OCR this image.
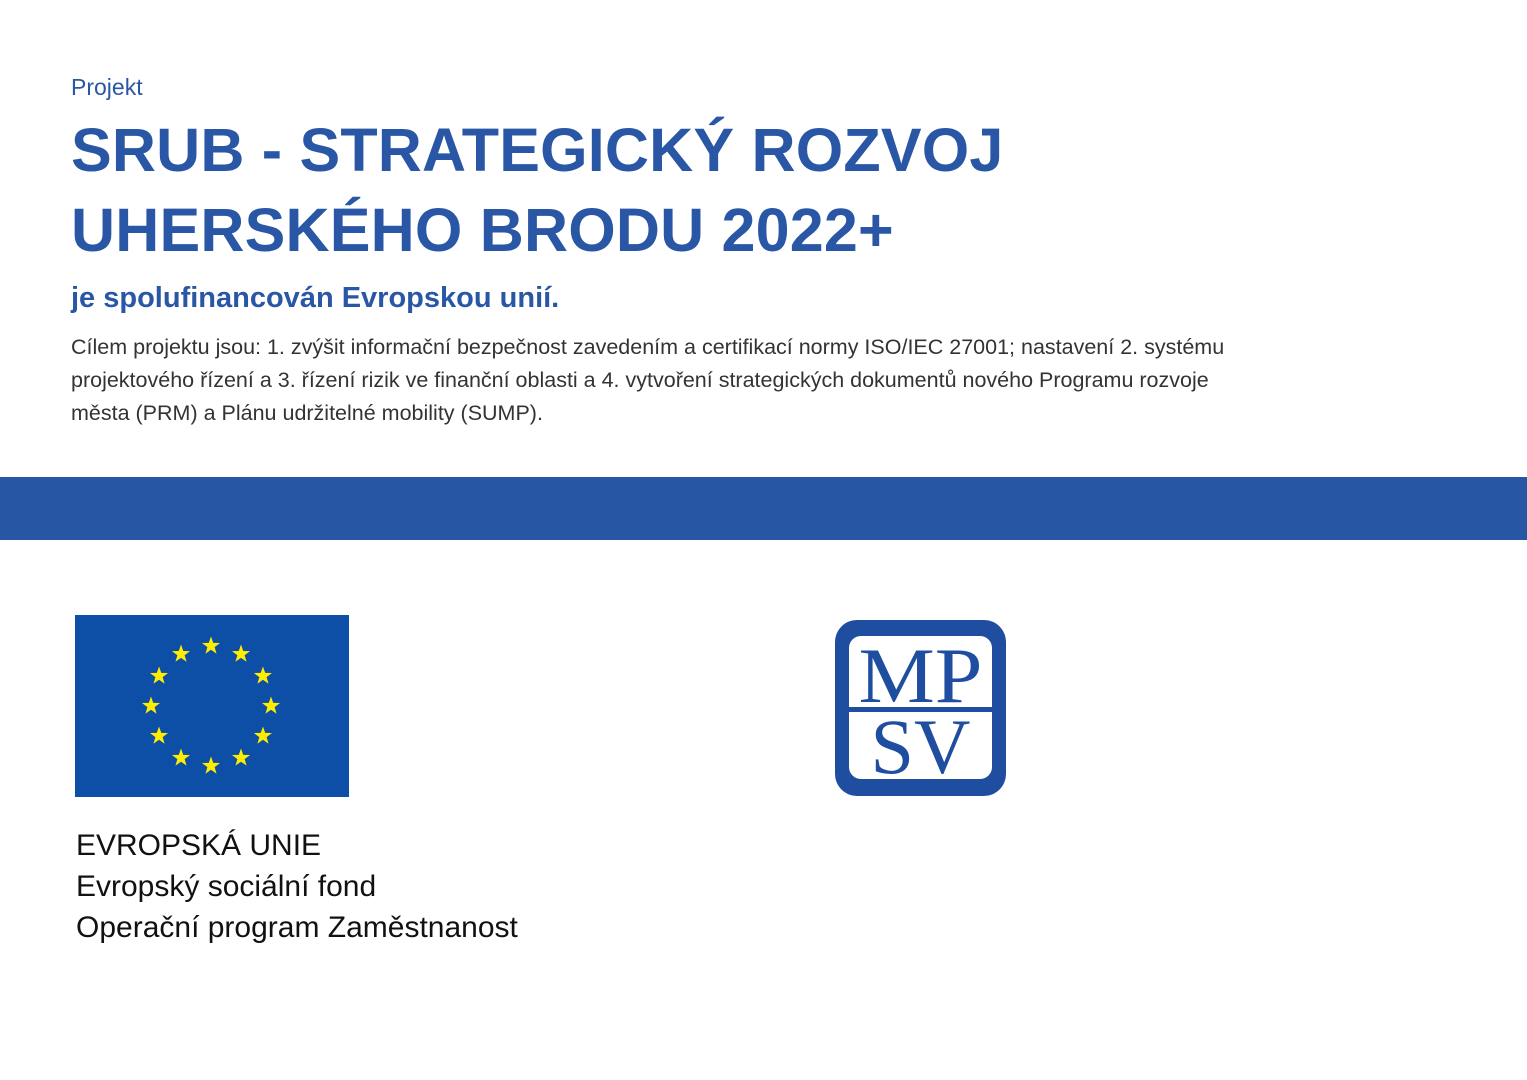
Projekt
SRUB - STRATEGICKÝ ROZVOJ
UHERSKÉHO BRODU 2022+
je spolufinancován Evropskou unií.
Cílem projektu jsou: 1. zvýšit informační bezpečnost zavedením a certifikací normy ISO/IEC 27001; nastavení 2. systému
projektového řízení a 3. řízení rizik ve finanční oblasti a 4. vytvoření strategických dokumentů nového Programu rozvoje
města (PRM) a Plánu udržitelné mobility (SUMP).
EVROPSKÁ UNIE
Evropský sociální fond
Operační program Zaměstnanost
MP
SV
